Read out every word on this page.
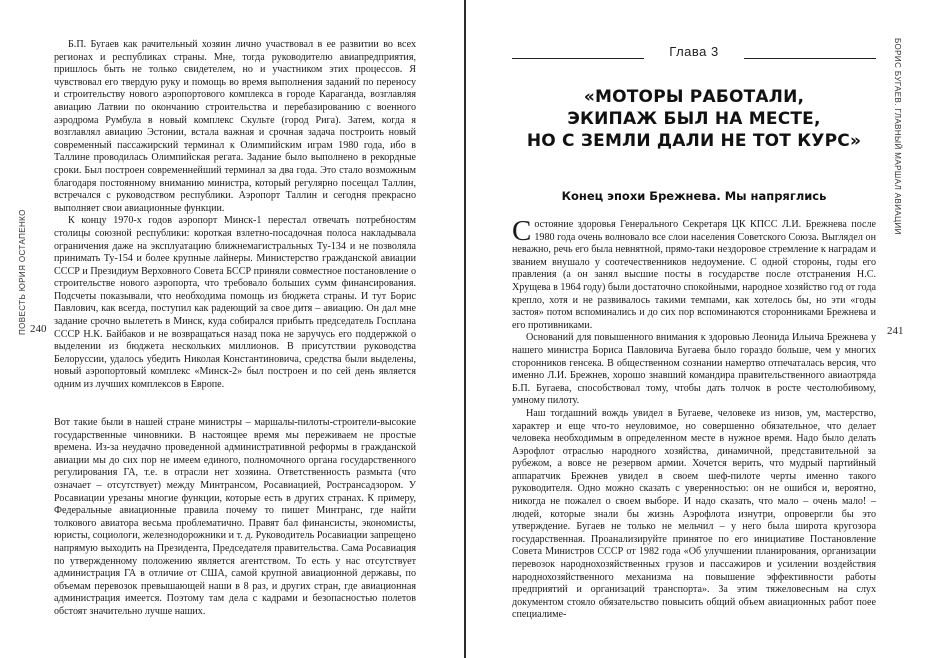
ПОВЕСТЬ ЮРИЯ ОСТАПЕНКО 240

Б.П. Бугаев как рачительный хозяин лично участвовал в ее развитии во всех регионах и республиках страны. Мне, тогда руководителю авиапредприятия, пришлось быть не только свидетелем, но и участником этих процессов. Я чувствовал его твердую руку и помощь во время выполнения заданий по переносу и строительству нового аэропортового комплекса в городе Караганда, возглавляя авиацию Латвии по окончанию строительства и перебазированию с военного аэродрома Румбула в новый комплекс Скульте (город Рига). Затем, когда я возглавлял авиацию Эстонии, встала важная и срочная задача построить новый современный пассажирский терминал к Олимпийским играм 1980 года, ибо в Таллине проводилась Олимпийская регата. Задание было выполнено в рекордные сроки. Был построен современнейший терминал за два года. Это стало возможным благодаря постоянному вниманию министра, который регулярно посещал Таллин, встречался с руководством республики. Аэропорт Таллин и сегодня прекрасно выполняет свои авиационные функции.

К концу 1970-х годов аэропорт Минск-1 перестал отвечать потребностям столицы союзной республики: короткая взлетно-посадочная полоса накладывала ограничения даже на эксплуатацию ближнемагистральных Ту-134 и не позволяла принимать Ту-154 и более крупные лайнеры. Министерство гражданской авиации СССР и Президиум Верховного Совета БССР приняли совместное постановление о строительстве нового аэропорта, что требовало больших сумм финансирования. Подсчеты показывали, что необходима помощь из бюджета страны. И тут Борис Павлович, как всегда, поступил как радеющий за свое дитя – авиацию. Он дал мне задание срочно вылететь в Минск, куда собирался прибыть председатель Госплана СССР Н.К. Байбаков и не возвращаться назад пока не заручусь его поддержкой о выделении из бюджета нескольких миллионов. В присутствии руководства Белоруссии, удалось убедить Николая Константиновича, средства были выделены, новый аэропортовый комплекс «Минск-2» был построен и по сей день является одним из лучших комплексов в Европе.

Вот такие были в нашей стране министры – маршалы-пилоты-строители-высокие государственные чиновники. В настоящее время мы переживаем не простые времена. Из-за неудачно проведенной административной реформы в гражданской авиации мы до сих пор не имеем единого, полномочного органа государственного регулирования ГА, т.е. в отрасли нет хозяина. Ответственность размыта (что означает – отсутствует) между Минтрансом, Росавиацией, Ространсадзором. У Росавиации урезаны многие функции, которые есть в других странах. К примеру, Федеральные авиационные правила почему то пишет Минтранс, где найти толкового авиатора весьма проблематично. Правят бал финансисты, экономисты, юристы, социологи, железнодорожники и т. д. Руководитель Росавиации запрещено напрямую выходить на Президента, Председателя правительства. Сама Росавиация по утвержденному положению является агентством. То есть у нас отсутствует администрация ГА в отличие от США, самой крупной авиационной державы, по объемам перевозок превышающей наши в 8 раз, и других стран, где авиационная администрация имеется. Поэтому там дела с кадрами и безопасностью полетов обстоят значительно лучше наших.

БОРИС БУГАЕВ. ГЛАВНЫЙ МАРШАЛ АВИАЦИИ
241
Глава 3
«МОТОРЫ РАБОТАЛИ,
ЭКИПАЖ БЫЛ НА МЕСТЕ,
НО С ЗЕМЛИ ДАЛИ НЕ ТОТ КУРС»
Конец эпохи Брежнева. Мы напряглись

Состояние здоровья Генерального Секретаря ЦК КПСС Л.И. Брежнева после 1980 года очень волновало все слои населения Советского Союза. Выглядел он неважно, речь его была невнятной, прямо-таки нездоровое стремление к наградам и званием внушало у соотечественников недоумение. С одной стороны, годы его правления (а он занял высшие посты в государстве после отстранения Н.С. Хрущева в 1964 году) были достаточно спокойными, народное хозяйство год от года крепло, хотя и не развивалось такими темпами, как хотелось бы, но эти «годы застоя» потом вспоминались и до сих пор вспоминаются сторонниками Брежнева и его противниками.

Оснований для повышенного внимания к здоровью Леонида Ильича Брежнева у нашего министра Бориса Павловича Бугаева было гораздо больше, чем у многих сторонников генсека. В общественном сознании намертво отпечаталась версия, что именно Л.И. Брежнев, хорошо знавший командира правительственного авиаотряда Б.П. Бугаева, способствовал тому, чтобы дать толчок в росте честолюбивому, умному пилоту.

Наш тогдашний вождь увидел в Бугаеве, человеке из низов, ум, мастерство, характер и еще что-то неуловимое, но совершенно обязательное, что делает человека необходимым в определенном месте в нужное время. Надо было делать Аэрофлот отраслью народного хозяйства, динамичной, представительной за рубежом, а вовсе не резервом армии. Хочется верить, что мудрый партийный аппаратчик Брежнев увидел в своем шеф-пилоте черты именно такого руководителя. Одно можно сказать с уверенностью: он не ошибся и, вероятно, никогда не пожалел о своем выборе. И надо сказать, что мало – очень мало! – людей, которые знали бы жизнь Аэрофлота изнутри, опровергли бы это утверждение. Бугаев не только не мельчил – у него была широта кругозора государственная. Проанализируйте принятое по его инициативе Постановление Совета Министров СССР от 1982 года «Об улучшении планирования, организации перевозок народнохозяйственных грузов и пассажиров и усилении воздействия народнохозяйственного механизма на повышение эффективности работы предприятий и организаций транспорта». За этим тяжеловесным на слух документом стояло обязательство повысить общий объем авиационных работ поее специалиме-
